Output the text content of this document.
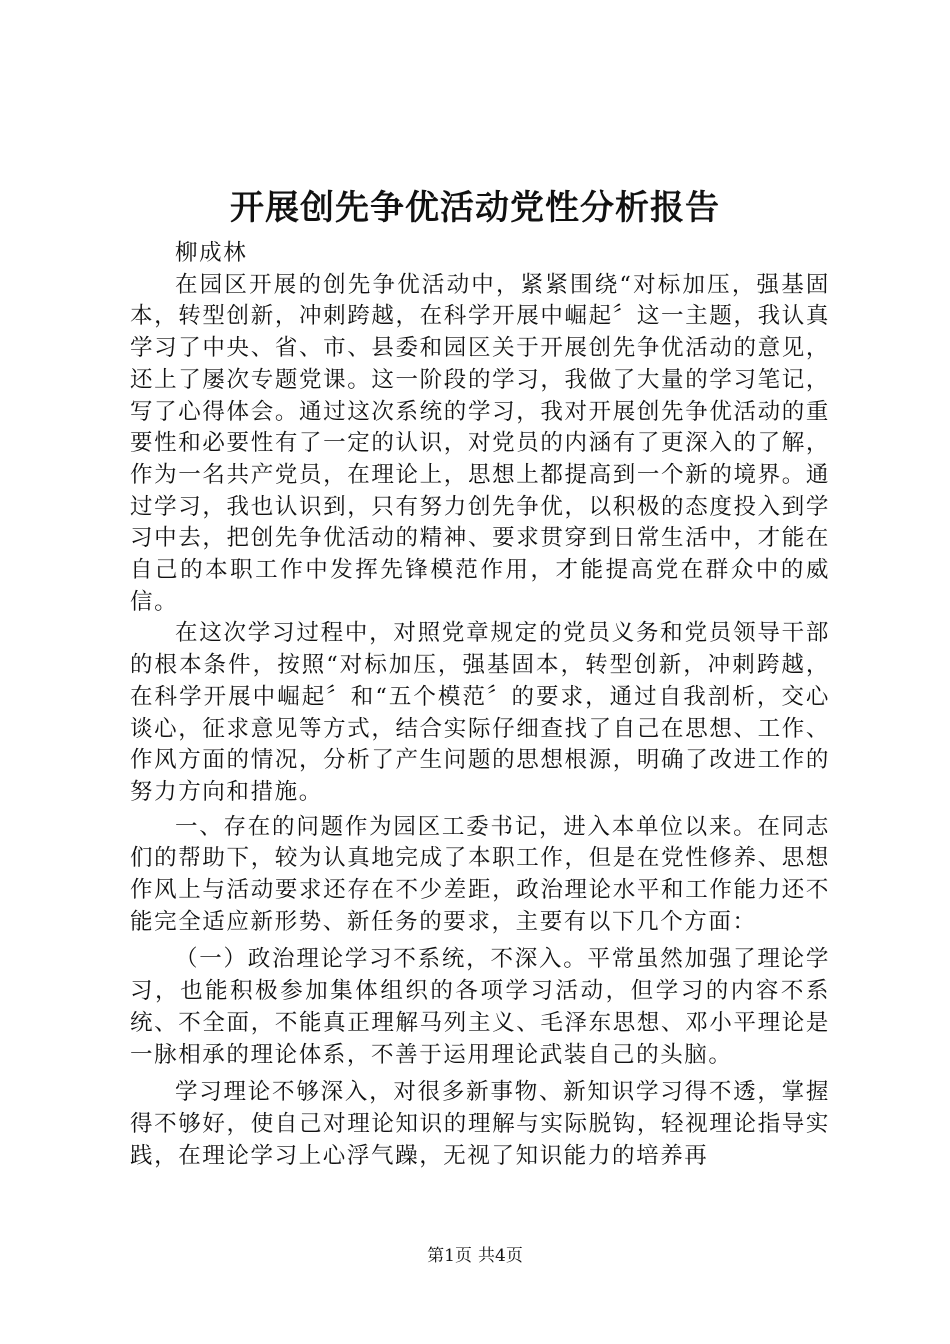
开展创先争优活动党性分析报告

柳成林

在园区开展的创先争优活动中，紧紧围绕“对标加压，强基固本，转型创新，冲刺跨越，在科学开展中崛起〞这一主题，我认真学习了中央、省、市、县委和园区关于开展创先争优活动的意见，还上了屡次专题党课。这一阶段的学习，我做了大量的学习笔记，写了心得体会。通过这次系统的学习，我对开展创先争优活动的重要性和必要性有了一定的认识，对党员的内涵有了更深入的了解，作为一名共产党员，在理论上，思想上都提高到一个新的境界。通过学习，我也认识到，只有努力创先争优，以积极的态度投入到学习中去，把创先争优活动的精神、要求贯穿到日常生活中，才能在自己的本职工作中发挥先锋模范作用，才能提高党在群众中的威信。

在这次学习过程中，对照党章规定的党员义务和党员领导干部的根本条件，按照“对标加压，强基固本，转型创新，冲刺跨越，在科学开展中崛起〞和“五个模范〞的要求，通过自我剖析，交心谈心，征求意见等方式，结合实际仔细查找了自己在思想、工作、作风方面的情况，分析了产生问题的思想根源，明确了改进工作的努力方向和措施。

一、存在的问题作为园区工委书记，进入本单位以来。在同志们的帮助下，较为认真地完成了本职工作，但是在党性修养、思想作风上与活动要求还存在不少差距，政治理论水平和工作能力还不能完全适应新形势、新任务的要求，主要有以下几个方面：

（一）政治理论学习不系统，不深入。平常虽然加强了理论学习，也能积极参加集体组织的各项学习活动，但学习的内容不系统、不全面，不能真正理解马列主义、毛泽东思想、邓小平理论是一脉相承的理论体系，不善于运用理论武装自己的头脑。

学习理论不够深入，对很多新事物、新知识学习得不透，掌握得不够好，使自己对理论知识的理解与实际脱钩，轻视理论指导实践，在理论学习上心浮气躁，无视了知识能力的培养再

第1页 共4页
